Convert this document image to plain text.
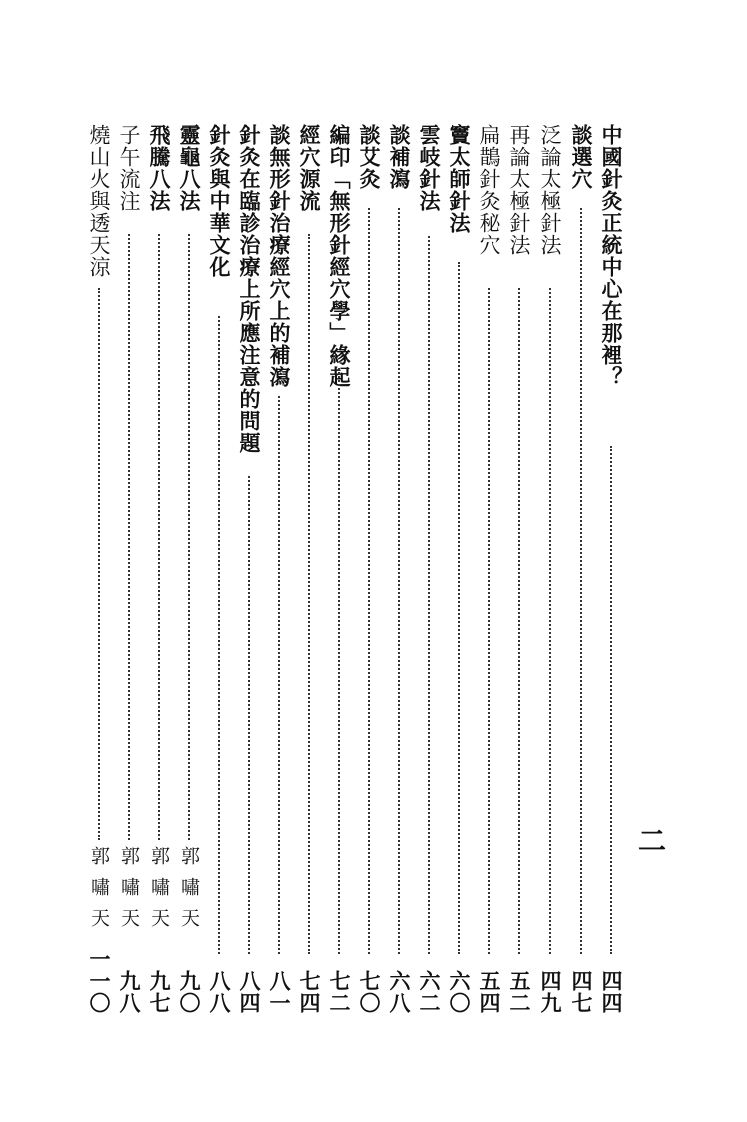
二
中國針灸正統中心在那裡？
四四
談選穴
四七
泛論太極針法
四九
再論太極針法
五二
扁鵲針灸秘穴
五四
竇太師針法
六〇
雲岐針法
六二
談補瀉
六八
談艾灸
七〇
編印「無形針經穴學」緣起
七二
經穴源流
七四
談無形針治療經穴上的補瀉
八一
針灸在臨診治療上所應注意的問題
八四
針灸與中華文化
八八
靈龜八法
郭嘯天
九〇
飛騰八法
郭嘯天
九七
子午流注
郭嘯天
九八
燒山火與透天涼
郭嘯天
一一〇
